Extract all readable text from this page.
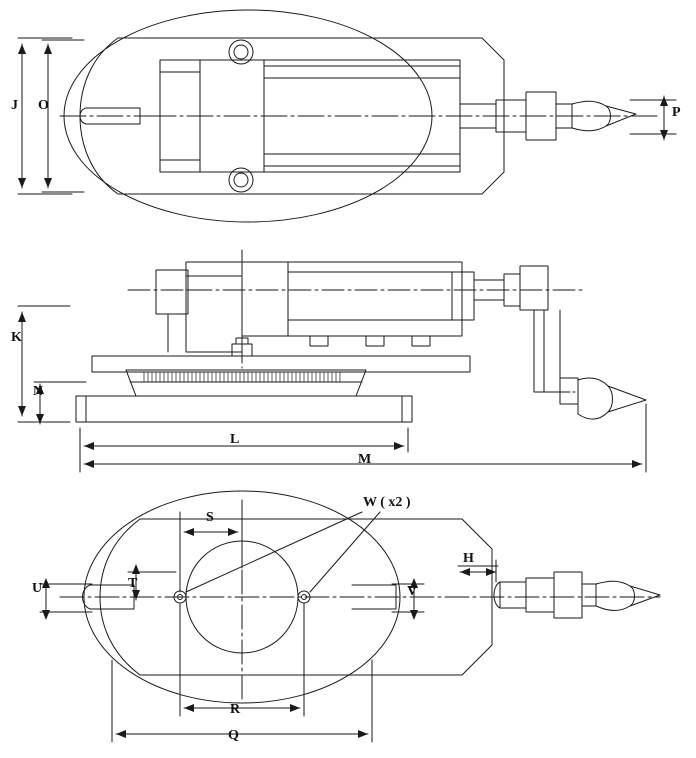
J O	P
K
N
L
M
W ( x2 )
S
H
U	T
V
R
Q
